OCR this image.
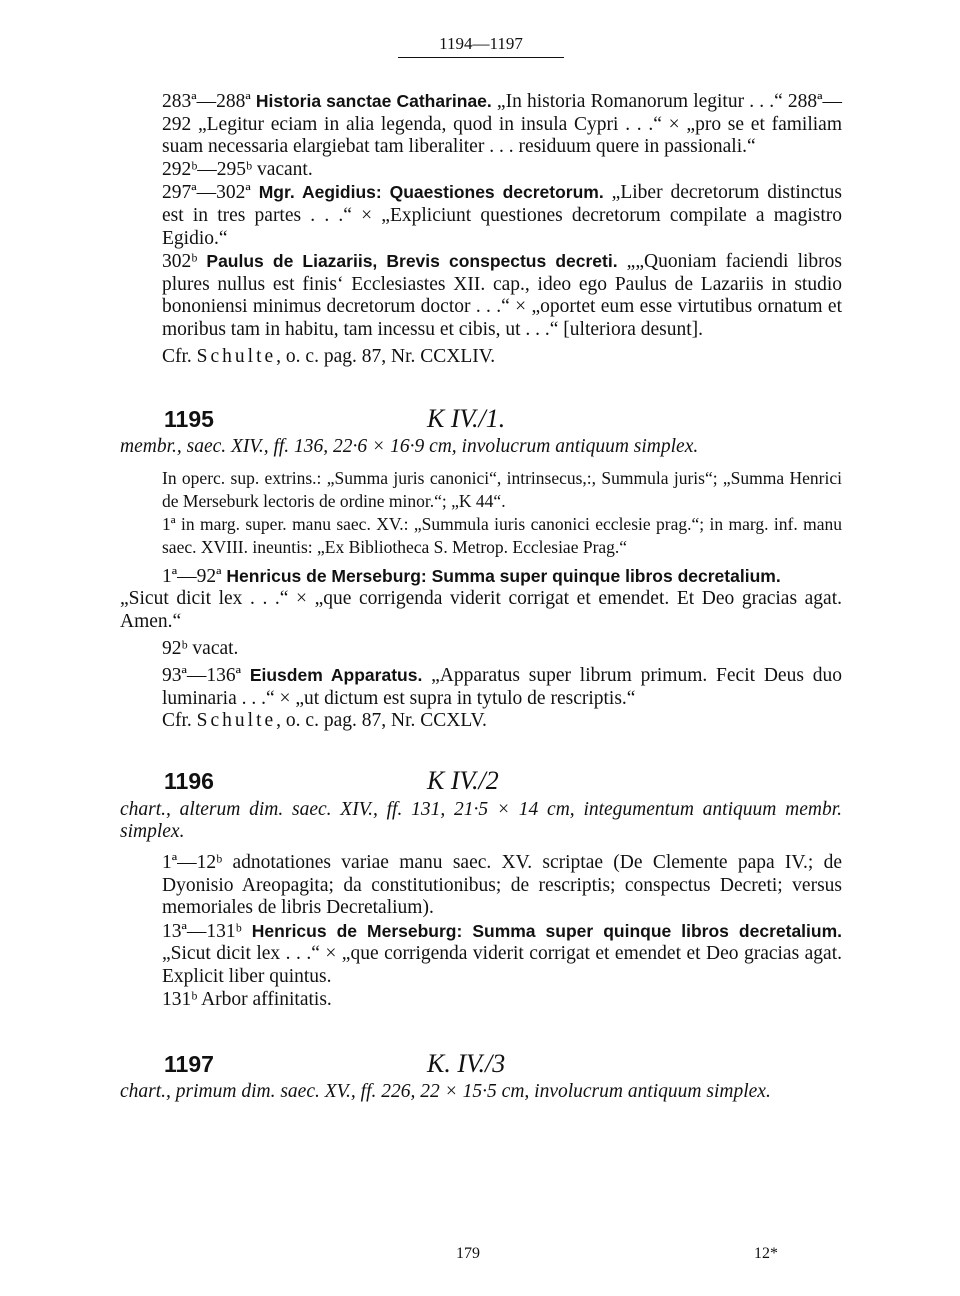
1194—1197

283ª—288ª Historia sanctae Catharinae. „In historia Romanorum legitur . . .“ 288ª—292 „Legitur eciam in alia legenda, quod in insula Cypri . . .“ × „pro se et familiam suam necessaria elargiebat tam liberaliter . . . residuum quere in passionali.“

292ᵇ—295ᵇ vacant.

297ª—302ª Mgr. Aegidius: Quaestiones decretorum. „Liber decretorum distinctus est in tres partes . . .“ × „Expliciunt questiones decretorum compilate a magistro Egidio.“

302ᵇ Paulus de Liazariis, Brevis conspectus decreti. „„Quoniam faciendi libros plures nullus est finis‘ Ecclesiastes XII. cap., ideo ego Paulus de Lazariis in studio bononiensi minimus decretorum doctor . . .“ × „oportet eum esse virtutibus ornatum et moribus tam in habitu, tam incessu et cibis, ut . . .“ [ulteriora desunt].

Cfr. Schulte, o. c. pag. 87, Nr. CCXLIV.

1195	K IV./1.

membr., saec. XIV., ff. 136, 22·6 × 16·9 cm, involucrum antiquum simplex.

In operc. sup. extrins.: „Summa juris canonici“, intrinsecus,:, Summula juris“; „Summa Henrici de Merseburk lectoris de ordine minor.“; „K 44“.

1ª in marg. super. manu saec. XV.: „Summula iuris canonici ecclesie prag.“; in marg. inf. manu saec. XVIII. ineuntis: „Ex Bibliotheca S. Metrop. Ecclesiae Prag.“

1ª—92ª Henricus de Merseburg: Summa super quinque libros decretalium.

„Sicut dicit lex . . .“ × „que corrigenda viderit corrigat et emendet. Et Deo gracias agat. Amen.“

92ᵇ vacat.

93ª—136ª Eiusdem Apparatus. „Apparatus super librum primum. Fecit Deus duo luminaria . . .“ × „ut dictum est supra in tytulo de rescriptis.“

Cfr. Schulte, o. c. pag. 87, Nr. CCXLV.

1196	K IV./2

chart., alterum dim. saec. XIV., ff. 131, 21·5 × 14 cm, integumentum antiquum membr. simplex.

1ª—12ᵇ adnotationes variae manu saec. XV. scriptae (De Clemente papa IV.; de Dyonisio Areopagita; da constitutionibus; de rescriptis; conspectus Decreti; versus memoriales de libris Decretalium).

13ª—131ᵇ Henricus de Merseburg: Summa super quinque libros decretalium. „Sicut dicit lex . . .“ × „que corrigenda viderit corrigat et emendet et Deo gracias agat. Explicit liber quintus.

131ᵇ Arbor affinitatis.

1197	K. IV./3

chart., primum dim. saec. XV., ff. 226, 22 × 15·5 cm, involucrum antiquum simplex.

179	12*
